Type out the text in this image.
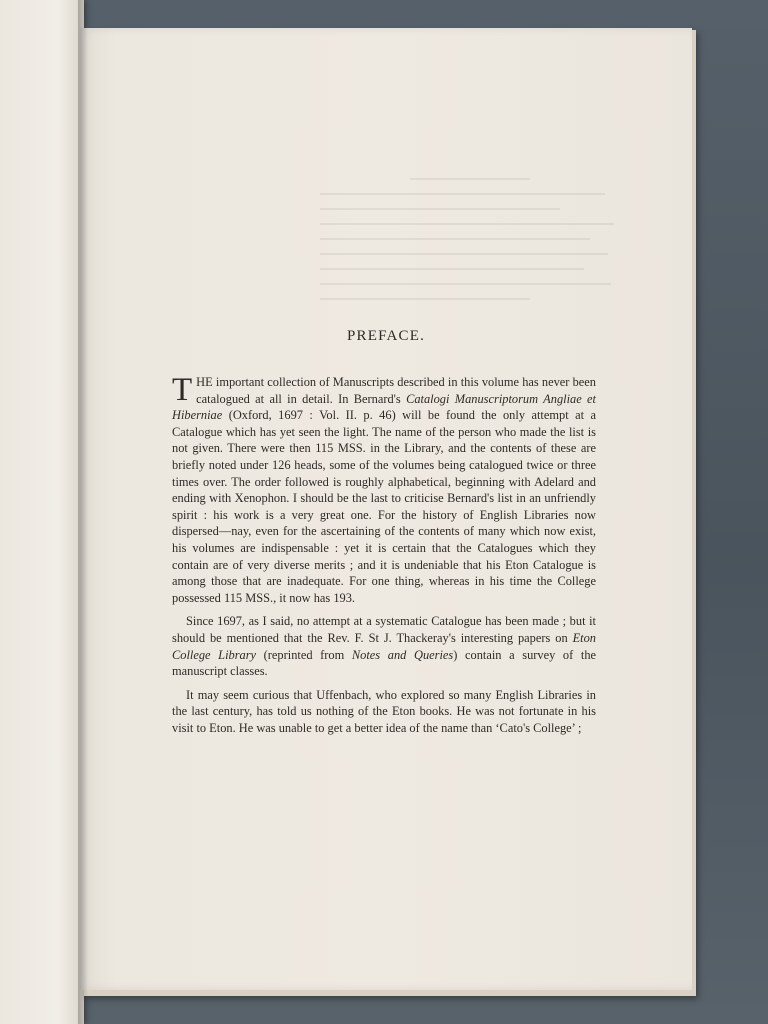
PREFACE.

THE important collection of Manuscripts described in this volume has never been catalogued at all in detail. In Bernard's Catalogi Manuscriptorum Angliae et Hiberniae (Oxford, 1697 : Vol. II. p. 46) will be found the only attempt at a Catalogue which has yet seen the light. The name of the person who made the list is not given. There were then 115 MSS. in the Library, and the contents of these are briefly noted under 126 heads, some of the volumes being catalogued twice or three times over. The order followed is roughly alphabetical, beginning with Adelard and ending with Xenophon. I should be the last to criticise Bernard's list in an unfriendly spirit : his work is a very great one. For the history of English Libraries now dispersed—nay, even for the ascertaining of the contents of many which now exist, his volumes are indispensable : yet it is certain that the Catalogues which they contain are of very diverse merits ; and it is undeniable that his Eton Catalogue is among those that are inadequate. For one thing, whereas in his time the College possessed 115 MSS., it now has 193.

Since 1697, as I said, no attempt at a systematic Catalogue has been made ; but it should be mentioned that the Rev. F. St J. Thackeray's interesting papers on Eton College Library (reprinted from Notes and Queries) contain a survey of the manuscript classes.

It may seem curious that Uffenbach, who explored so many English Libraries in the last century, has told us nothing of the Eton books. He was not fortunate in his visit to Eton. He was unable to get a better idea of the name than ‘Cato's College’ ;
